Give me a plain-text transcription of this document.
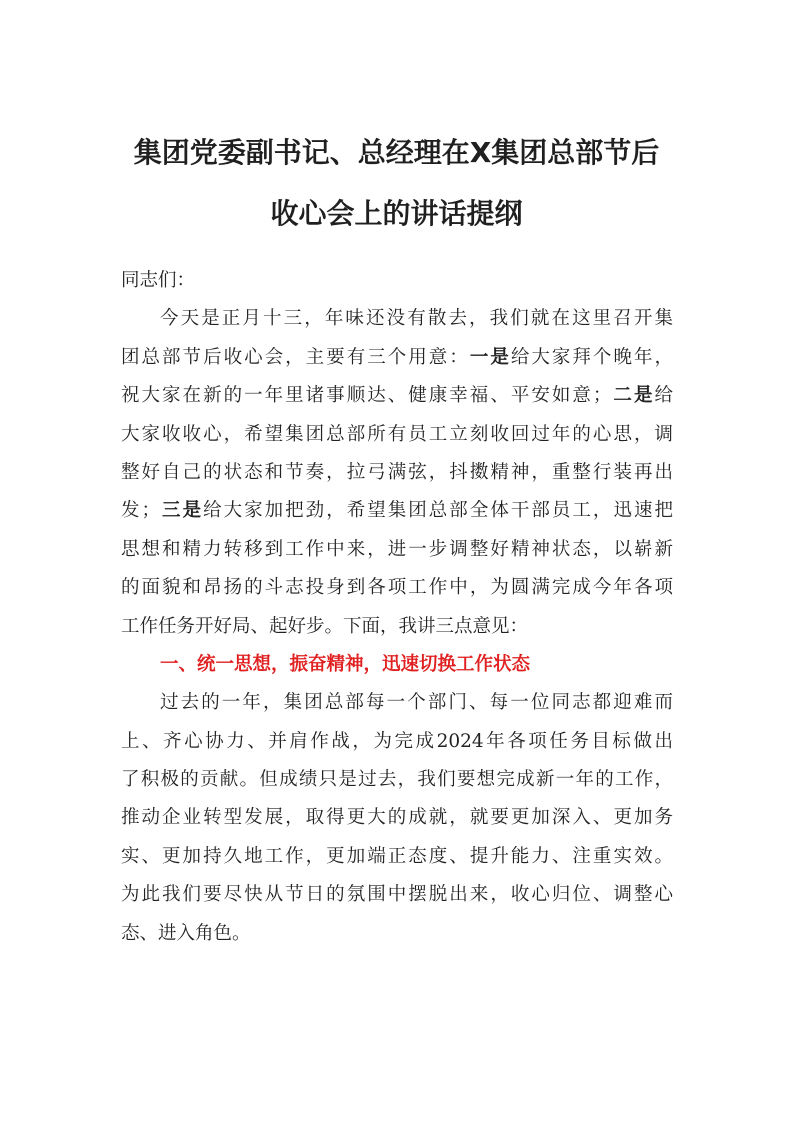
集团党委副书记、总经理在X集团总部节后
收心会上的讲话提纲
同志们：
今天是正月十三，年味还没有散去，我们就在这里召开集
团总部节后收心会，主要有三个用意：一是给大家拜个晚年，
祝大家在新的一年里诸事顺达、健康幸福、平安如意；二是给
大家收收心，希望集团总部所有员工立刻收回过年的心思，调
整好自己的状态和节奏，拉弓满弦，抖擞精神，重整行装再出
发；三是给大家加把劲，希望集团总部全体干部员工，迅速把
思想和精力转移到工作中来，进一步调整好精神状态，以崭新
的面貌和昂扬的斗志投身到各项工作中，为圆满完成今年各项
工作任务开好局、起好步。下面，我讲三点意见：
一、统一思想，振奋精神，迅速切换工作状态
过去的一年，集团总部每一个部门、每一位同志都迎难而
上、齐心协力、并肩作战，为完成2024年各项任务目标做出
了积极的贡献。但成绩只是过去，我们要想完成新一年的工作，
推动企业转型发展，取得更大的成就，就要更加深入、更加务
实、更加持久地工作，更加端正态度、提升能力、注重实效。
为此我们要尽快从节日的氛围中摆脱出来，收心归位、调整心
态、进入角色。
